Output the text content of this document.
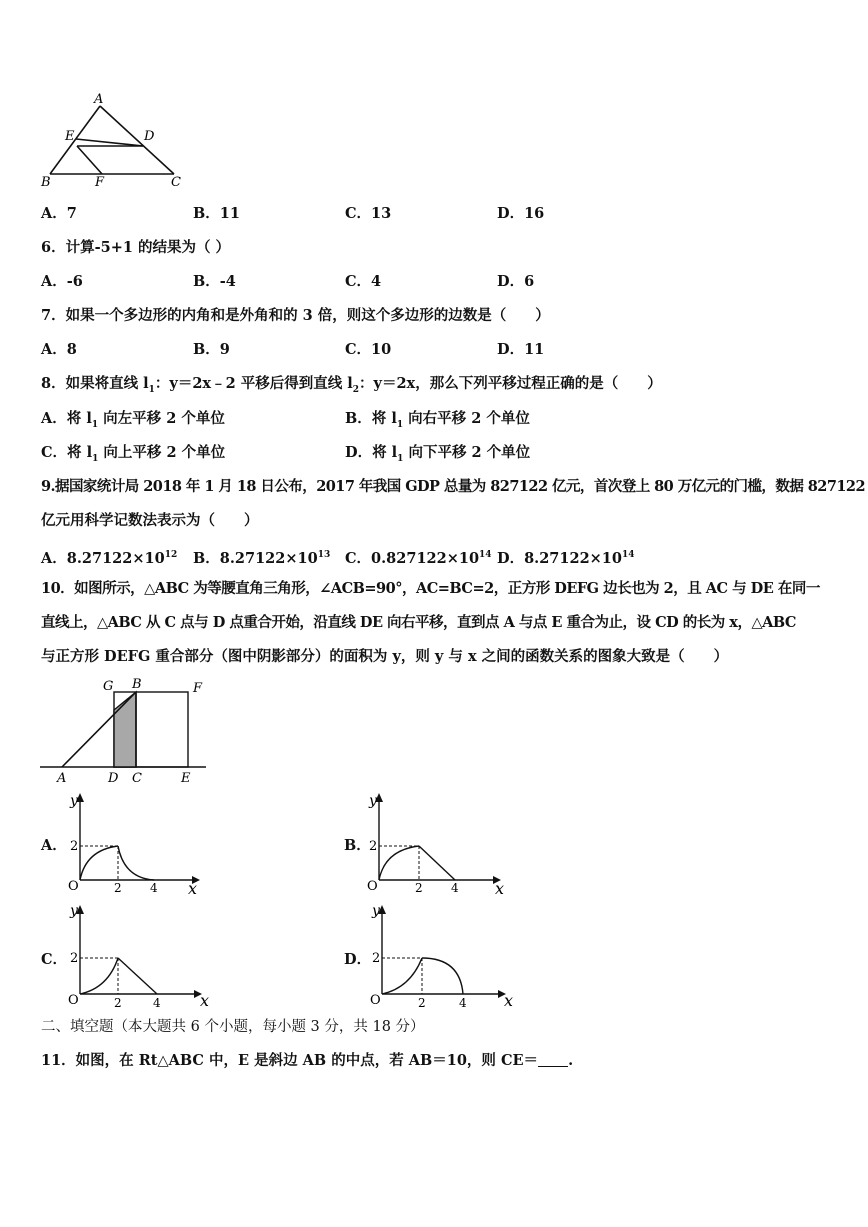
A
E	D
B	F	C
A．7	B．11	C．13	D．16
6．计算-5+1 的结果为（ ）
A．-6	B．-4	C．4	D．6
7．如果一个多边形的内角和是外角和的 3 倍，则这个多边形的边数是（　　）
A．8	B．9	C．10	D．11
8．如果将直线 $l_1$：y＝2x﹣2 平移后得到直线 $l_2$：y＝2x，那么下列平移过程正确的是（　　）
A．将 $l_1$ 向左平移 2 个单位	B．将 $l_1$ 向右平移 2 个单位
C．将 $l_1$ 向上平移 2 个单位	D．将 $l_1$ 向下平移 2 个单位
9.据国家统计局 2018 年 1 月 18 日公布，2017 年我国 GDP 总量为 827122 亿元，首次登上 80 万亿元的门槛，数据 827122
亿元用科学记数法表示为（　　）
A．$8.27122\times 10^{12}$ B．$8.27122\times 10^{13}$ C．$0.827122\times 10^{14}$ D．$8.27122\times 10^{14}$
10．如图所示，△ABC 为等腰直角三角形，∠ACB=90°，AC=BC=2，正方形 DEFG 边长也为 2，且 AC 与 DE 在同一
直线上，△ABC 从 C 点与 D 点重合开始，沿直线 DE 向右平移，直到点 A 与点 E 重合为止，设 CD 的长为 x，△ABC
与正方形 DEFG 重合部分（图中阴影部分）的面积为 y，则 y 与 x 之间的函数关系的图象大致是（　　）
G B	F
A	D C	E
A．
y
x
O
2
2 4
B．
y
x
O
2
2 4
C．
y
x
O
2
2	4
D．
y
x
O
2
2	4
二、填空题（本大题共 6 个小题，每小题 3 分，共 18 分）
11．如图，在 Rt△ABC 中，E 是斜边 AB 的中点，若 AB＝10，则 CE＝ .
